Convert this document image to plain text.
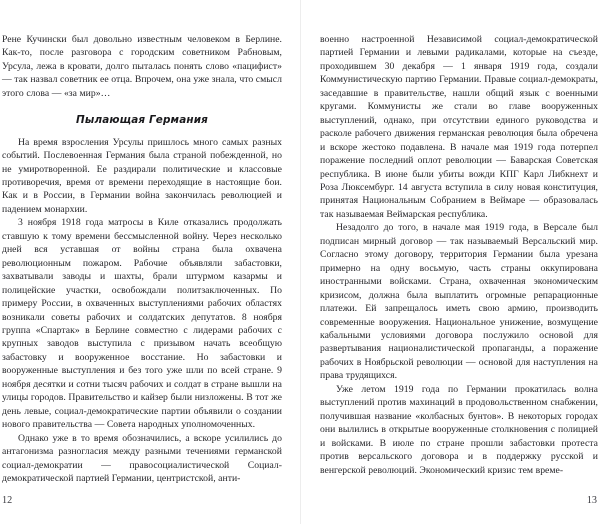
Рене Кучински был довольно известным человеком в Берлине. Как-то, после разговора с городским советником Рабновым, Урсула, лежа в кровати, долго пыталась понять слово «пацифист» — так назвал советник ее отца. Впрочем, она уже знала, что смысл этого слова — «за мир»…

Пылающая Германия

На время взросления Урсулы пришлось много самых разных событий. Послевоенная Германия была страной побежденной, но не умиротворенной. Ее раздирали политические и классовые противоречия, время от времени переходящие в настоящие бои. Как и в России, в Германии война закончилась революцией и падением монархии.

3 ноября 1918 года матросы в Киле отказались продолжать ставшую к тому времени бессмысленной войну. Через несколько дней вся уставшая от войны страна была охвачена революционным пожаром. Рабочие объявляли забастовки, захватывали заводы и шахты, брали штурмом казармы и полицейские участки, освобождали политзаключенных. По примеру России, в охваченных выступлениями рабочих областях возникали советы рабочих и солдатских депутатов. 8 ноября группа «Спартак» в Берлине совместно с лидерами рабочих с крупных заводов выступила с призывом начать всеобщую забастовку и вооруженное восстание. Но забастовки и вооруженные выступления и без того уже шли по всей стране. 9 ноября десятки и сотни тысяч рабочих и солдат в стране вышли на улицы городов. Правительство и кайзер были низложены. В тот же день левые, социал-демократические партии объявили о создании нового правительства — Совета народных уполномоченных.

Однако уже в то время обозначились, а вскоре усилились до антагонизма разногласия между разными течениями германской социал-демократии — правосоциалистической Социал-демократической партией Германии, центристской, анти-

12

военно настроенной Независимой социал-демократической партией Германии и левыми радикалами, которые на съезде, проходившем 30 декабря — 1 января 1919 года, создали Коммунистическую партию Германии. Правые социал-демократы, заседавшие в правительстве, нашли общий язык с военными кругами. Коммунисты же стали во главе вооруженных выступлений, однако, при отсутствии единого руководства и расколе рабочего движения германская революция была обречена и вскоре жестоко подавлена. В начале мая 1919 года потерпел поражение последний оплот революции — Баварская Советская республика. В июне были убиты вожди КПГ Карл Либкнехт и Роза Люксембург. 14 августа вступила в силу новая конституция, принятая Национальным Собранием в Веймаре — образовалась так называемая Веймарская республика.

Незадолго до того, в начале мая 1919 года, в Версале был подписан мирный договор — так называемый Версальский мир. Согласно этому договору, территория Германии была урезана примерно на одну восьмую, часть страны оккупирована иностранными войсками. Страна, охваченная экономическим кризисом, должна была выплатить огромные репарационные платежи. Ей запрещалось иметь свою армию, производить современные вооружения. Национальное унижение, возмущение кабальными условиями договора послужило основой для развертывания националистической пропаганды, а поражение рабочих в Ноябрьской революции — основой для наступления на права трудящихся.

Уже летом 1919 года по Германии прокатилась волна выступлений против махинаций в продовольственном снабжении, получившая название «колбасных бунтов». В некоторых городах они вылились в открытые вооруженные столкновения с полицией и войсками. В июле по стране прошли забастовки протеста против версальского договора и в поддержку русской и венгерской революций. Экономический кризис тем време-

13
